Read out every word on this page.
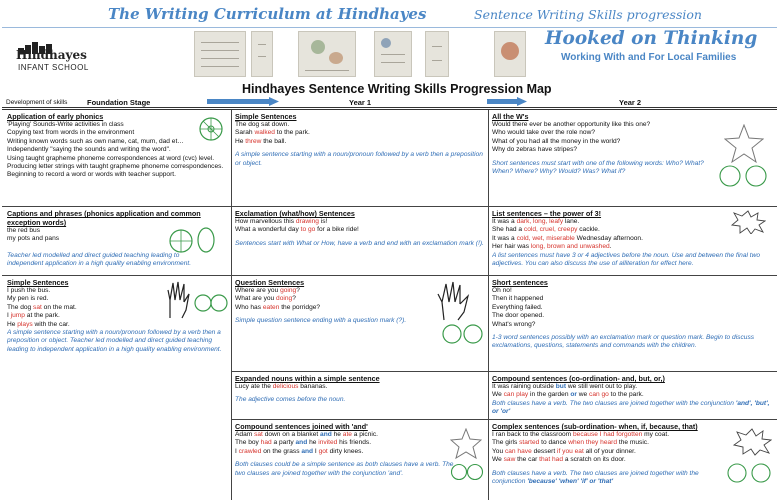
The Writing Curriculum at Hindhayes	Sentence Writing Skills progression
Hindhayes
INFANT SCHOOL
Hooked on Thinking
Working With and For Local Families
Hindhayes Sentence Writing Skills Progression Map
Development of skills	Foundation Stage	Year 1	Year 2
Application of early phonics
'Playing' Sounds-Write activities in class
Copying text from words in the environment
Writing known words such as own name, cat, mum, dad et…
Independently "saying the sounds and writing the word".
Using taught grapheme phoneme correspondences at word (cvc) level.
Producing letter strings with taught grapheme phoneme correspondences.
Beginning to record a word or words with teacher support.
Captions and phrases (phonics application and common exception words)
the red bus
my pots and pans
Teacher led modelled and direct guided teaching leading to independent application in a high quality enabling environment.
Simple Sentences
I push the bus.
My pen is red.
The dog sat on the mat.
I jump at the park.
He plays with the car.
A simple sentence starting with a noun/pronoun followed by a verb then a preposition or object. Teacher led modelled and direct guided teaching leading to independent application in a high quality enabling environment.
Simple Sentences
The dog sat down.
Sarah walked to the park.
He threw the ball.
A simple sentence starting with a noun/pronoun followed by a verb then a preposition or object.
Exclamation (what/how) Sentences
How marvellous this drawing is!
What a wonderful day to go for a bike ride!
Sentences start with What or How, have a verb and end with an exclamation mark (!).
Question Sentences
Where are you going?
What are you doing?
Who has eaten the porridge?
Simple question sentence ending with a question mark (?).
Expanded nouns within a simple sentence
Lucy ate the delicious bananas.
The adjective comes before the noun.
Compound sentences joined with 'and'
Adam sat down on a blanket and he ate a picnic.
The boy had a party and he invited his friends.
I crawled on the grass and I got dirty knees.
Both clauses could be a simple sentence as both clauses have a verb. The two clauses are joined together with the conjunction 'and'.
All the W's
Would there ever be another opportunity like this one?
Who would take over the role now?
What of you had all the money in the world?
Why do zebras have stripes?
Short sentences must start with one of the following words: Who? What? When? Where? Why? Would? Was? What if?
List sentences – the power of 3!
It was a dark, long, leafy lane.
She had a cold, cruel, creepy cackle.
It was a cold, wet, miserable Wednesday afternoon.
Her hair was long, brown and unwashed.
A list sentences must have 3 or 4 adjectives before the noun. Use and between the final two adjectives. You can also discuss the use of alliteration for effect here.
Short sentences
Oh no!
Then it happened
Everything failed.
The door opened.
What's wrong?
1-3 word sentences possibly with an exclamation mark or question mark. Begin to discuss exclamations, questions, statements and commands with the children.
Compound sentences (co-ordination- and, but, or,)
It was raining outside but we still went out to play.
We can play in the garden or we can go to the park.
Both clauses have a verb. The two clauses are joined together with the conjunction 'and', 'but', or 'or'
Complex sentences (sub-ordination- when, if, because, that)
I ran back to the classroom because I had forgotten my coat.
The girls started to dance when they heard the music.
You can have dessert if you eat all of your dinner.
We saw the car that had a scratch on its door.
Both clauses have a verb. The two clauses are joined together with the conjunction 'because' 'when' 'if' or 'that'
